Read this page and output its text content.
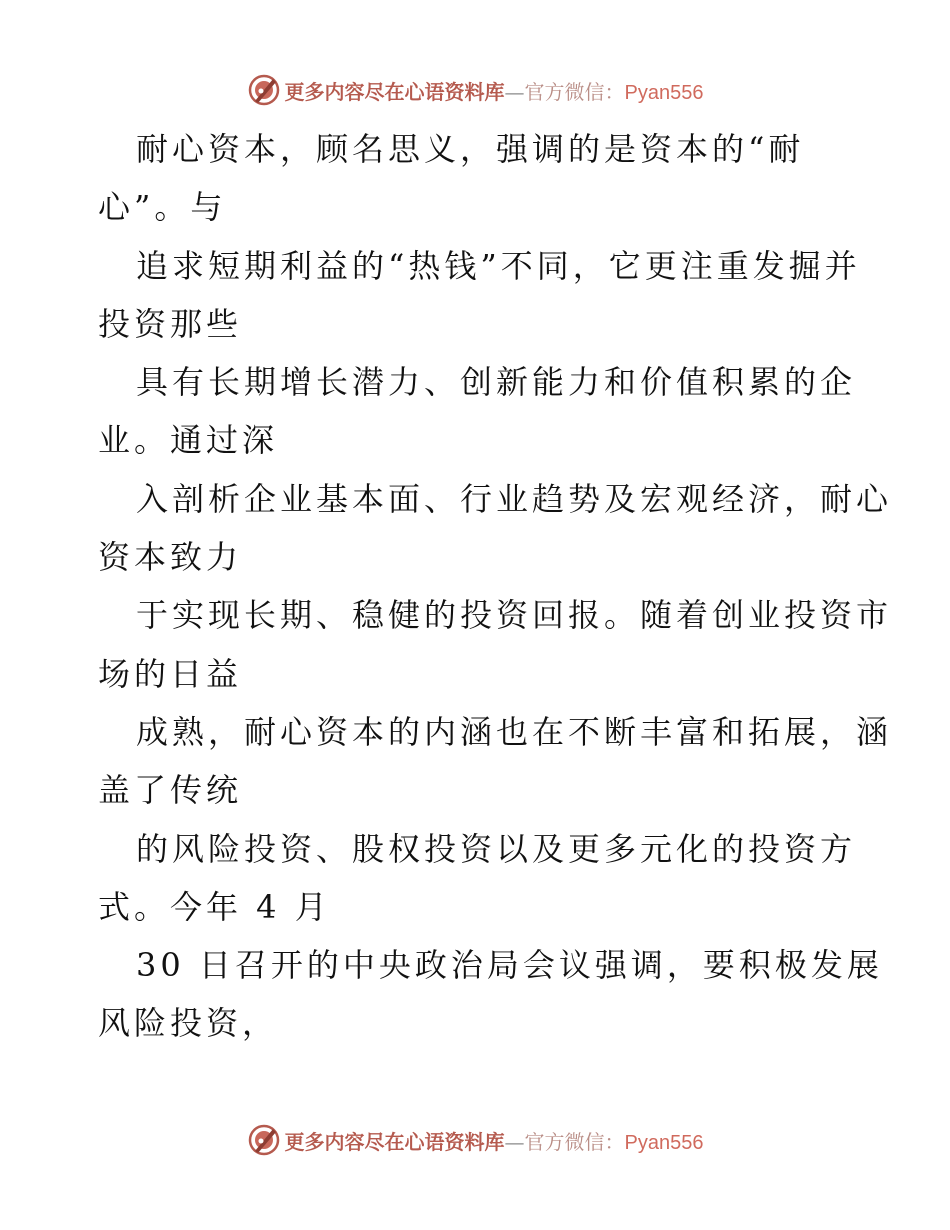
更多内容尽在心语资料库—官方微信：Pyan556
耐心资本，顾名思义，强调的是资本的“耐
心”。与
追求短期利益的“热钱”不同，它更注重发掘并
投资那些
具有长期增长潜力、创新能力和价值积累的企
业。通过深
入剖析企业基本面、行业趋势及宏观经济，耐心
资本致力
于实现长期、稳健的投资回报。随着创业投资市
场的日益
成熟，耐心资本的内涵也在不断丰富和拓展，涵
盖了传统
的风险投资、股权投资以及更多元化的投资方
式。今年 4 月
30 日召开的中央政治局会议强调，要积极发展
风险投资，
更多内容尽在心语资料库—官方微信：Pyan556
